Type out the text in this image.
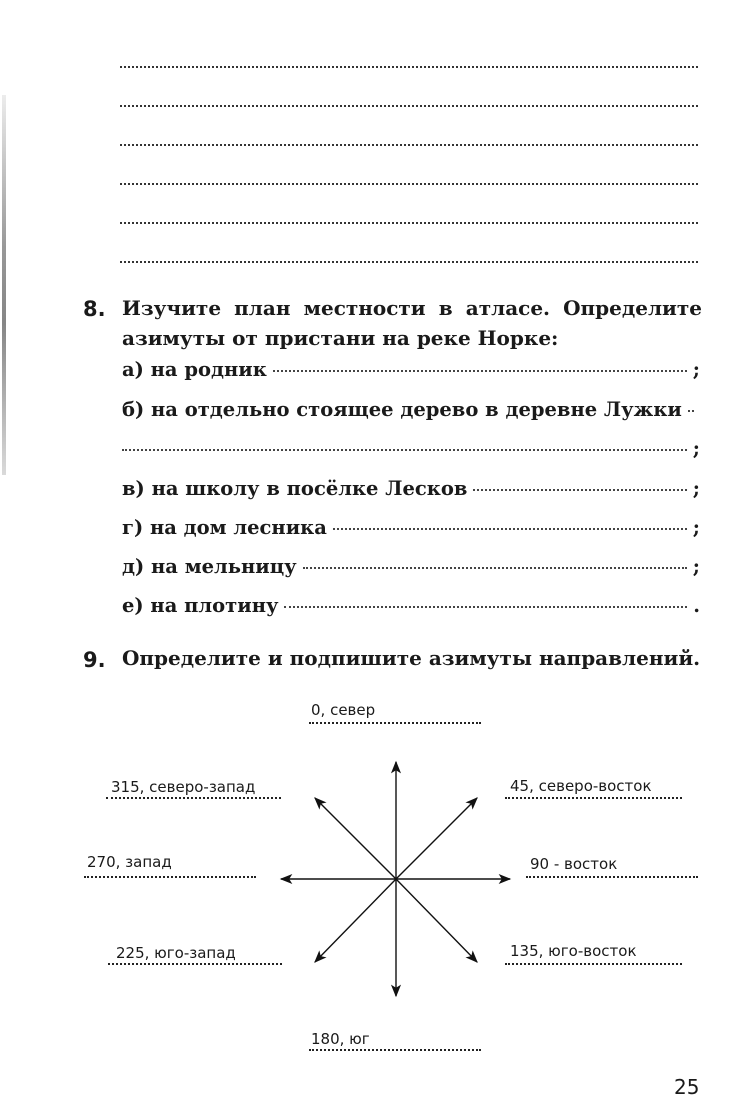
8. Изучите план местности в атласе. Определите азимуты от пристани на реке Норке:
а) на родник	;
б) на отдельно стоящее дерево в деревне Лужки
;
в) на школу в посёлке Лесков	;
г) на дом лесника	;
д) на мельницу	;
е) на плотину	.
9. Определите и подпишите азимуты направлений.
0, север
315, северо-запад	45, северо-восток
270, запад	90 - восток
225, юго-запад	135, юго-восток
180, юг
25
